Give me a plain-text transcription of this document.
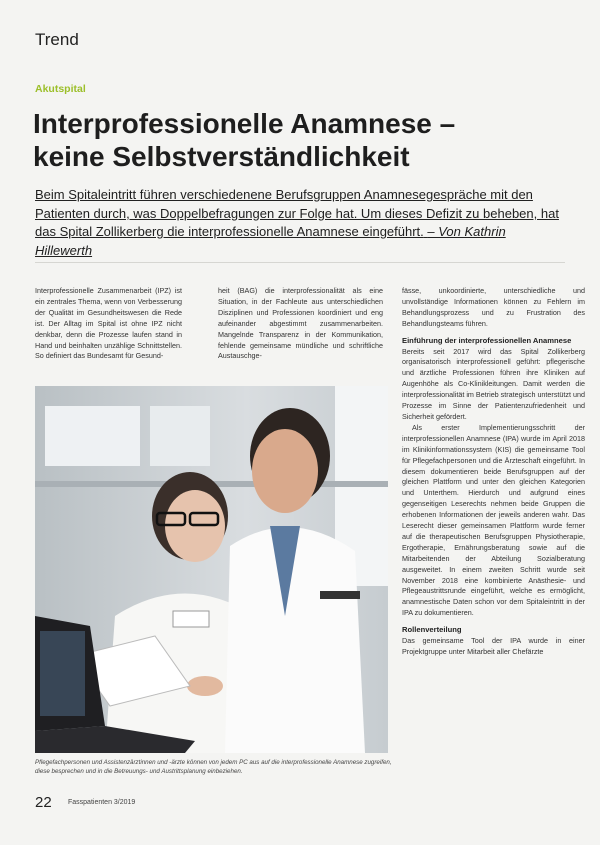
Trend
Akutspital
Interprofessionelle Anamnese –
keine Selbstverständlichkeit
Beim Spitaleintritt führen verschiedenene Berufsgruppen Anamnesegespräche mit den Patienten durch, was Doppelbefragungen zur Folge hat. Um dieses Defizit zu beheben, hat das Spital Zollikerberg die interprofessionelle Anamnese eingeführt. – Von Kathrin Hillewerth

Interprofessionelle Zusammenarbeit (IPZ) ist ein zentrales Thema, wenn von Verbesserung der Qualität im Gesundheitswesen die Rede ist. Der Alltag im Spital ist ohne IPZ nicht denkbar, denn die Prozesse laufen stand in Hand und beinhalten unzählige Schnittstellen. So definiert das Bundesamt für Gesund-

heit (BAG) die interprofessionalität als eine Situation, in der Fachleute aus unterschiedlichen Disziplinen und Professionen koordiniert und eng aufeinander abgestimmt zusammenarbeiten. Mangelnde Transparenz in der Kommunikation, fehlende gemeinsame mündliche und schriftliche Austauschge-

fässe, unkoordinierte, unterschiedliche und unvollständige Informationen können zu Fehlern im Behandlungsprozess und zu Frustration des Behandlungsteams führen.

Einführung der interprofessionellen Anamnese

Bereits seit 2017 wird das Spital Zollikerberg organisatorisch interprofessionell geführt: pflegerische und ärztliche Professionen führen ihre Kliniken auf Augenhöhe als Co-Klinikleitungen. Damit werden die interprofessionalität im Betrieb strategisch unterstützt und Prozesse im Sinne der Patientenzufriedenheit und Sicherheit gefördert.

Als erster Implementierungsschritt der interprofessionellen Anamnese (IPA) wurde im April 2018 im Klinikinformationssystem (KIS) die gemeinsame Tool für Pflegefachpersonen und die Ärzteschaft eingeführt. In diesem dokumentieren beide Berufsgruppen auf der gleichen Plattform und unter den gleichen Kategorien und Unterthem. Hierdurch und aufgrund eines gegenseitigen Leserechts nehmen beide Gruppen die erhobenen Informationen der jeweils anderen wahr. Das Leserecht dieser gemeinsamen Plattform wurde ferner auf die therapeutischen Berufsgruppen Physiotherapie, Ergotherapie, Ernährungsberatung sowie auf die Mitarbeitenden der Abteilung Sozialberatung ausgeweitet. In einem zweiten Schritt wurde seit November 2018 eine kombinierte Anästhesie- und Pflegeaustrittsrunde eingeführt, welche es ermöglicht, anamnestische Daten schon vor dem Spitaleintritt in der IPA zu dokumentieren.

Rollenverteilung

Das gemeinsame Tool der IPA wurde in einer Projektgruppe unter Mitarbeit aller Chefärzte

Pflegefachpersonen und Assistenzärztinnen und -ärzte können von jedem PC aus auf die interprofessionelle Anamnese zugreifen, diese besprechen und in die Betreuungs- und Austrittsplanung einbeziehen.
22 Fasspatienten 3/2019
